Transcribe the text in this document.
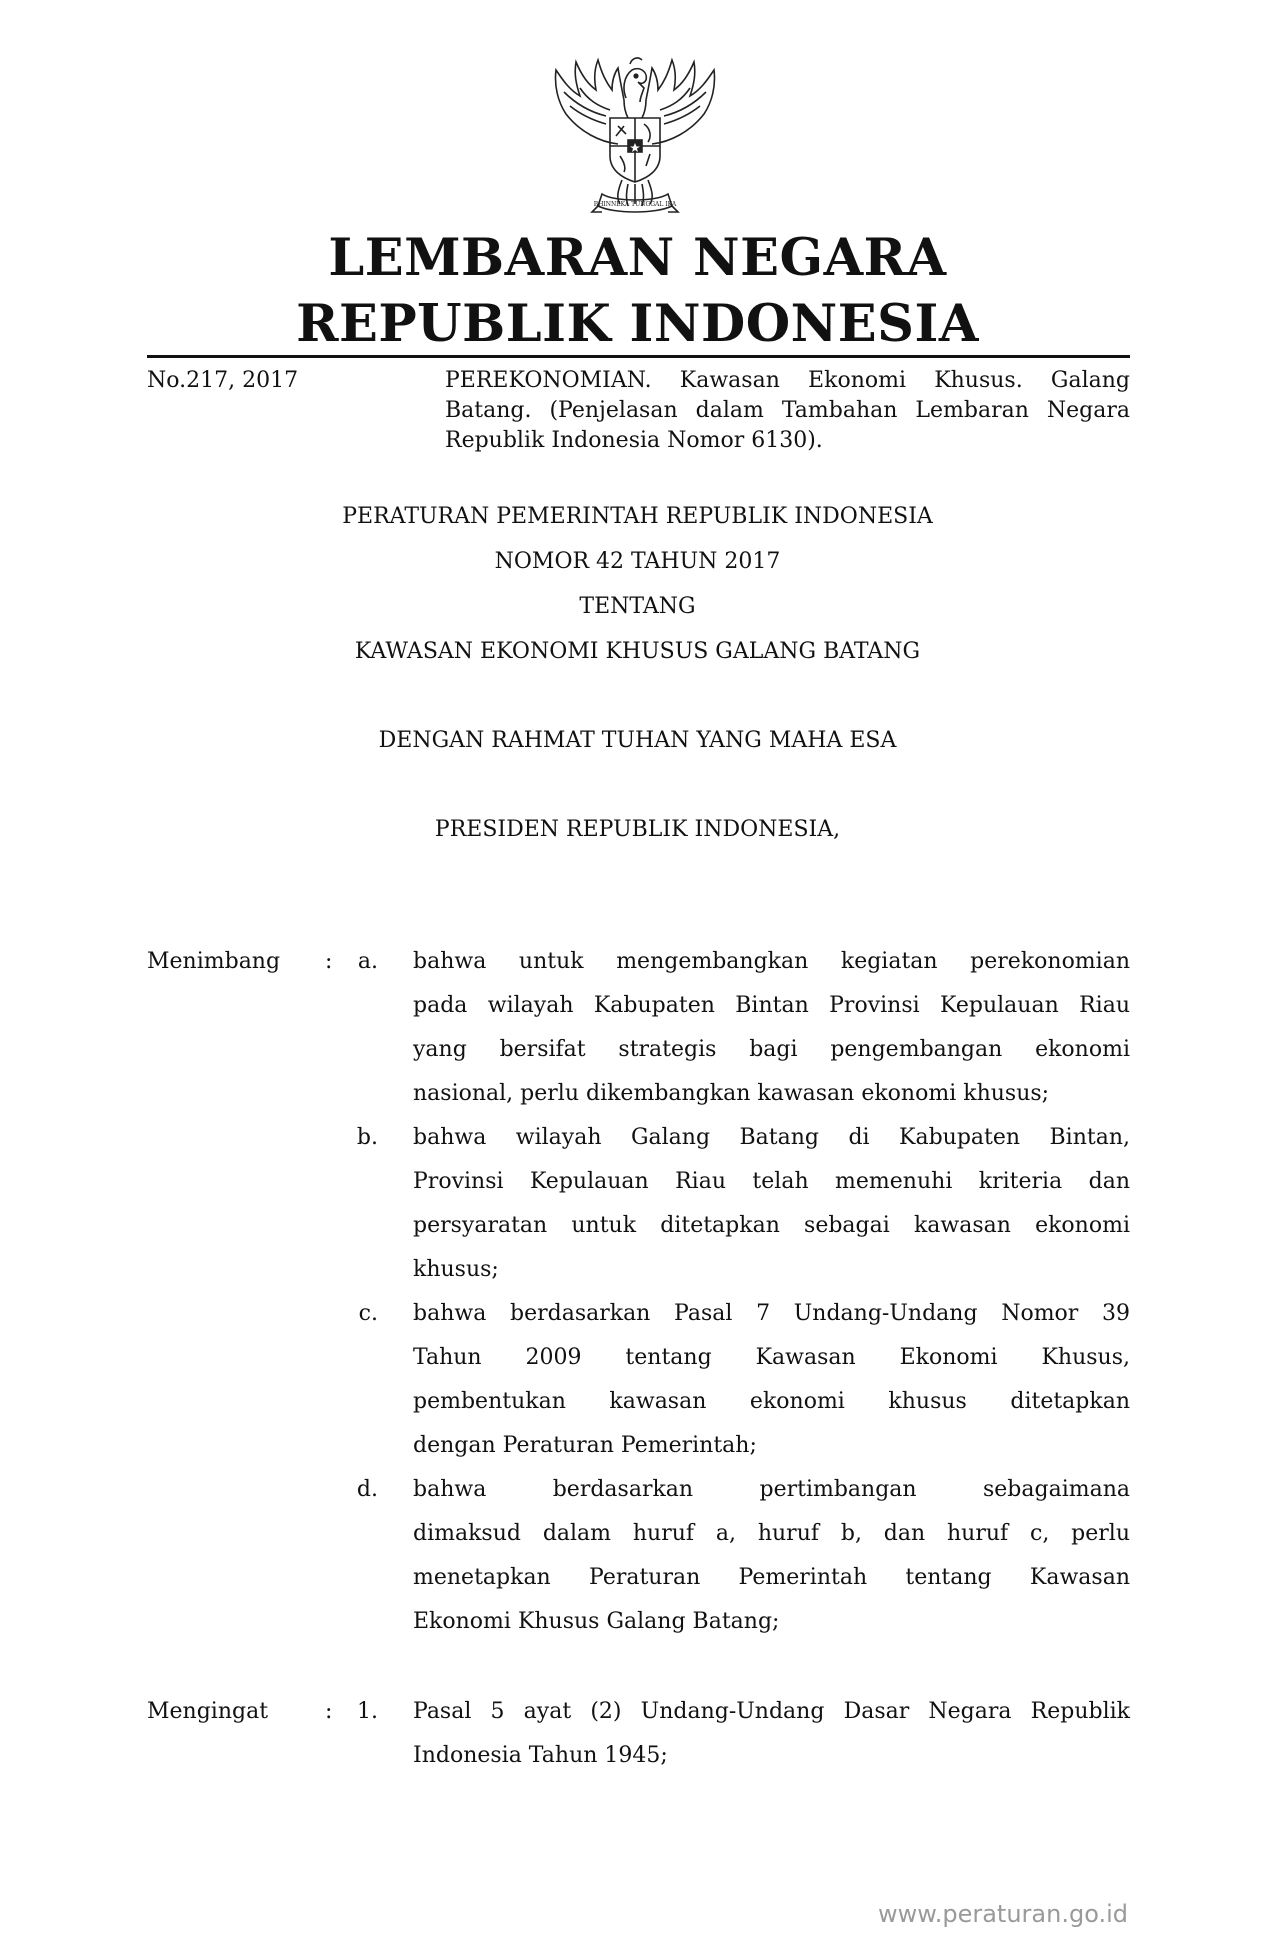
BHINNEKA TUNGGAL IKA
LEMBARAN NEGARA
REPUBLIK INDONESIA
No.217, 2017	PEREKONOMIAN. Kawasan Ekonomi Khusus. Galang Batang. (Penjelasan dalam Tambahan Lembaran Negara Republik Indonesia Nomor 6130).
PERATURAN PEMERINTAH REPUBLIK INDONESIA
NOMOR 42 TAHUN 2017
TENTANG
KAWASAN EKONOMI KHUSUS GALANG BATANG
DENGAN RAHMAT TUHAN YANG MAHA ESA
PRESIDEN REPUBLIK INDONESIA,
Menimbang : a. bahwa untuk mengembangkan kegiatan perekonomian
pada wilayah Kabupaten Bintan Provinsi Kepulauan Riau
yang bersifat strategis bagi pengembangan ekonomi
nasional, perlu dikembangkan kawasan ekonomi khusus;
b. bahwa wilayah Galang Batang di Kabupaten Bintan,
Provinsi Kepulauan Riau telah memenuhi kriteria dan
persyaratan untuk ditetapkan sebagai kawasan ekonomi
khusus;
c. bahwa berdasarkan Pasal 7 Undang-Undang Nomor 39
Tahun 2009 tentang Kawasan Ekonomi Khusus,
pembentukan kawasan ekonomi khusus ditetapkan
dengan Peraturan Pemerintah;
d. bahwa berdasarkan pertimbangan sebagaimana
dimaksud dalam huruf a, huruf b, dan huruf c, perlu
menetapkan Peraturan Pemerintah tentang Kawasan
Ekonomi Khusus Galang Batang;
Mengingat	: 1. Pasal 5 ayat (2) Undang-Undang Dasar Negara Republik
Indonesia Tahun 1945;
www.peraturan.go.id
